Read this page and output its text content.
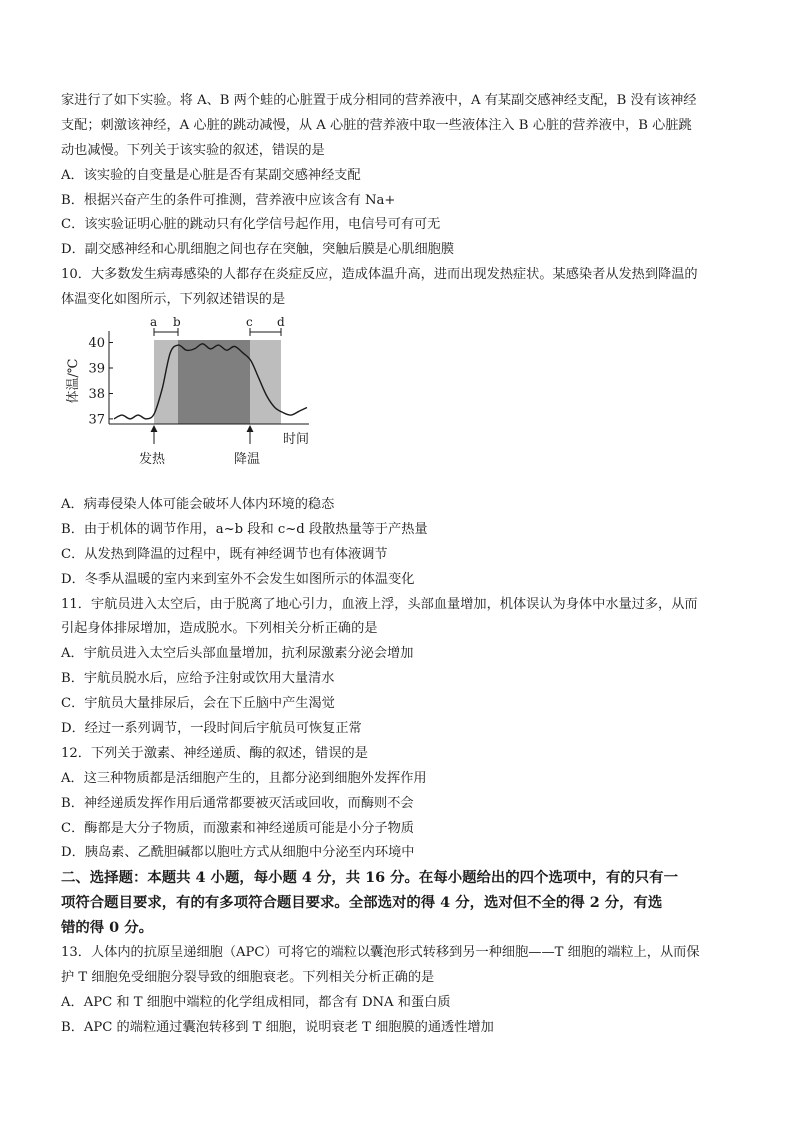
家进行了如下实验。将 A、B 两个蛙的心脏置于成分相同的营养液中，A 有某副交感神经支配，B 没有该神经
支配；刺激该神经，A 心脏的跳动减慢，从 A 心脏的营养液中取一些液体注入 B 心脏的营养液中，B 心脏跳
动也减慢。下列关于该实验的叙述，错误的是
A．该实验的自变量是心脏是否有某副交感神经支配
B．根据兴奋产生的条件可推测，营养液中应该含有 Na+
C．该实验证明心脏的跳动只有化学信号起作用，电信号可有可无
D．副交感神经和心肌细胞之间也存在突触，突触后膜是心肌细胞膜
10．大多数发生病毒感染的人都存在炎症反应，造成体温升高，进而出现发热症状。某感染者从发热到降温的
体温变化如图所示，下列叙述错误的是
37
38
39
40
体温/℃
时间
a b	c d
发热	降温
A．病毒侵染人体可能会破坏人体内环境的稳态
B．由于机体的调节作用，a~b 段和 c~d 段散热量等于产热量
C．从发热到降温的过程中，既有神经调节也有体液调节
D．冬季从温暖的室内来到室外不会发生如图所示的体温变化
11．宇航员进入太空后，由于脱离了地心引力，血液上浮，头部血量增加，机体误认为身体中水量过多，从而
引起身体排尿增加，造成脱水。下列相关分析正确的是
A．宇航员进入太空后头部血量增加，抗利尿激素分泌会增加
B．宇航员脱水后，应给予注射或饮用大量清水
C．宇航员大量排尿后，会在下丘脑中产生渴觉
D．经过一系列调节，一段时间后宇航员可恢复正常
12．下列关于激素、神经递质、酶的叙述，错误的是
A．这三种物质都是活细胞产生的，且都分泌到细胞外发挥作用
B．神经递质发挥作用后通常都要被灭活或回收，而酶则不会
C．酶都是大分子物质，而激素和神经递质可能是小分子物质
D．胰岛素、乙酰胆碱都以胞吐方式从细胞中分泌至内环境中
二、选择题：本题共 4 小题，每小题 4 分，共 16 分。在每小题给出的四个选项中，有的只有一
项符合题目要求，有的有多项符合题目要求。全部选对的得 4 分，选对但不全的得 2 分，有选
错的得 0 分。
13．人体内的抗原呈递细胞（APC）可将它的端粒以囊泡形式转移到另一种细胞——T 细胞的端粒上，从而保
护 T 细胞免受细胞分裂导致的细胞衰老。下列相关分析正确的是
A．APC 和 T 细胞中端粒的化学组成相同，都含有 DNA 和蛋白质
B．APC 的端粒通过囊泡转移到 T 细胞，说明衰老 T 细胞膜的通透性增加
